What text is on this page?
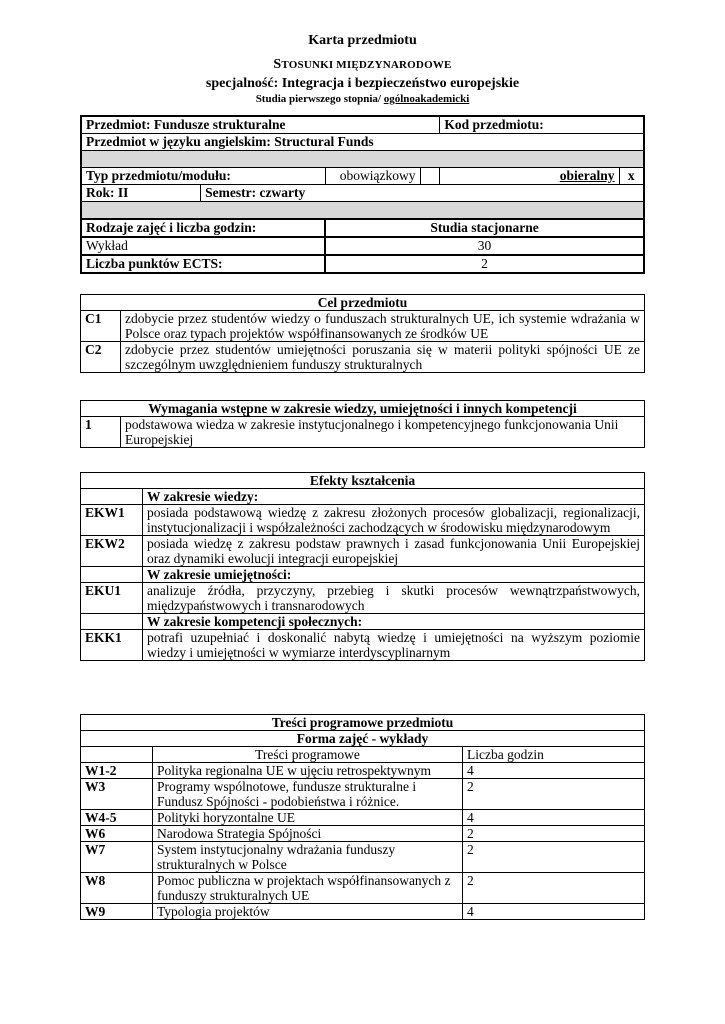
Karta przedmiotu
STOSUNKI MIĘDZYNARODOWE
specjalność: Integracja i bezpieczeństwo europejskie
Studia pierwszego stopnia/ ogólnoakademicki
Przedmiot: Fundusze strukturalne				Kod przedmiotu:	
Przedmiot w języku angielskim: Structural Funds					

Typ przedmiotu/modułu:		obowiązkowy		obieralny	x
Rok: II	Semestr: czwarty				

Rodzaje zajęć i liczba godzin:		Studia stacjonarne			
Wykład		30			
Liczba punktów ECTS:		2			
Cel przedmiotu	
C1	zdobycie przez studentów wiedzy o funduszach strukturalnych UE, ich systemie wdrażania w Polsce oraz typach projektów współfinansowanych ze środków UE
C2	zdobycie przez studentów umiejętności poruszania się w materii polityki spójności UE ze szczególnym uwzględnieniem funduszy strukturalnych
Wymagania wstępne w zakresie wiedzy, umiejętności i innych kompetencji
1	podstawowa wiedza w zakresie instytucjonalnego i kompetencyjnego funkcjonowania Unii Europejskiej
Efekty kształcenia	
	W zakresie wiedzy:
EKW1	posiada podstawową wiedzę z zakresu złożonych procesów globalizacji, regionalizacji, instytucjonalizacji i współzależności zachodzących w środowisku międzynarodowym
EKW2	posiada wiedzę z zakresu podstaw prawnych i zasad funkcjonowania Unii Europejskiej oraz dynamiki ewolucji integracji europejskiej
	W zakresie umiejętności:
EKU1	analizuje źródła, przyczyny, przebieg i skutki procesów wewnątrzpaństwowych, międzypaństwowych i transnarodowych
	W zakresie kompetencji społecznych:
EKK1	potrafi uzupełniać i doskonalić nabytą wiedzę i umiejętności na wyższym poziomie wiedzy i umiejętności w wymiarze interdyscyplinarnym
Treści programowe przedmiotu		
Forma zajęć - wykłady		
	Treści programowe	Liczba godzin
W1-2	Polityka regionalna UE w ujęciu retrospektywnym	4
W3	Programy wspólnotowe, fundusze strukturalne i Fundusz Spójności - podobieństwa i różnice.	2
W4-5	Polityki horyzontalne UE	4
W6	Narodowa Strategia Spójności	2
W7	System instytucjonalny wdrażania funduszy strukturalnych w Polsce	2
W8	Pomoc publiczna w projektach współfinansowanych z funduszy strukturalnych UE	2
W9	Typologia projektów	4
